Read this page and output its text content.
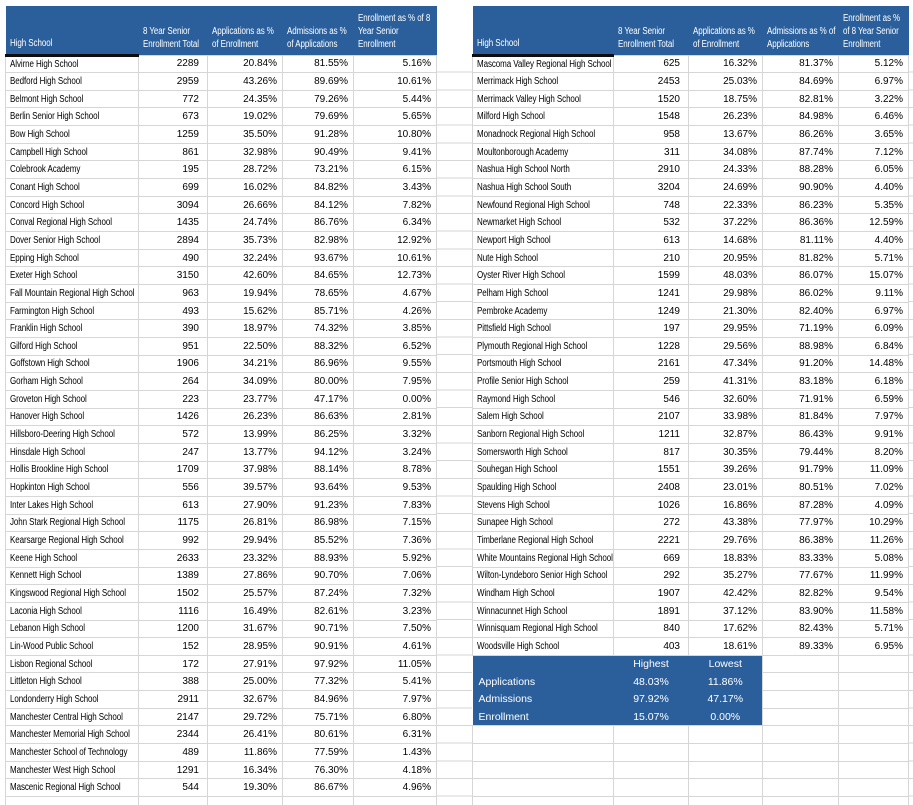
High School	8 Year Senior Enrollment Total	Applications as % of Enrollment	Admissions as % of Applications	Enrollment as % of 8 Year Senior Enrollment
Alvirne High School	2289	20.84%	81.55%	5.16%
Bedford High School	2959	43.26%	89.69%	10.61%
Belmont High School	772	24.35%	79.26%	5.44%
Berlin Senior High School	673	19.02%	79.69%	5.65%
Bow High School	1259	35.50%	91.28%	10.80%
Campbell High School	861	32.98%	90.49%	9.41%
Colebrook Academy	195	28.72%	73.21%	6.15%
Conant High School	699	16.02%	84.82%	3.43%
Concord High School	3094	26.66%	84.12%	7.82%
Conval Regional High School	1435	24.74%	86.76%	6.34%
Dover Senior High School	2894	35.73%	82.98%	12.92%
Epping High School	490	32.24%	93.67%	10.61%
Exeter High School	3150	42.60%	84.65%	12.73%
Fall Mountain Regional High School	963	19.94%	78.65%	4.67%
Farmington High School	493	15.62%	85.71%	4.26%
Franklin High School	390	18.97%	74.32%	3.85%
Gilford High School	951	22.50%	88.32%	6.52%
Goffstown High School	1906	34.21%	86.96%	9.55%
Gorham High School	264	34.09%	80.00%	7.95%
Groveton High School	223	23.77%	47.17%	0.00%
Hanover High School	1426	26.23%	86.63%	2.81%
Hillsboro-Deering High School	572	13.99%	86.25%	3.32%
Hinsdale High School	247	13.77%	94.12%	3.24%
Hollis Brookline High School	1709	37.98%	88.14%	8.78%
Hopkinton High School	556	39.57%	93.64%	9.53%
Inter Lakes High School	613	27.90%	91.23%	7.83%
John Stark Regional High School	1175	26.81%	86.98%	7.15%
Kearsarge Regional High School	992	29.94%	85.52%	7.36%
Keene High School	2633	23.32%	88.93%	5.92%
Kennett High School	1389	27.86%	90.70%	7.06%
Kingswood Regional High School	1502	25.57%	87.24%	7.32%
Laconia High School	1116	16.49%	82.61%	3.23%
Lebanon High School	1200	31.67%	90.71%	7.50%
Lin-Wood Public School	152	28.95%	90.91%	4.61%
Lisbon Regional School	172	27.91%	97.92%	11.05%
Littleton High School	388	25.00%	77.32%	5.41%
Londonderry High School	2911	32.67%	84.96%	7.97%
Manchester Central High School	2147	29.72%	75.71%	6.80%
Manchester Memorial High School	2344	26.41%	80.61%	6.31%
Manchester School of Technology	489	11.86%	77.59%	1.43%
Manchester West High School	1291	16.34%	76.30%	4.18%
Mascenic Regional High School	544	19.30%	86.67%	4.96%

High School	8 Year Senior Enrollment Total	Applications as % of Enrollment	Admissions as % of Applications	Enrollment as % of 8 Year Senior Enrollment
Mascoma Valley Regional High School	625	16.32%	81.37%	5.12%
Merrimack High School	2453	25.03%	84.69%	6.97%
Merrimack Valley High School	1520	18.75%	82.81%	3.22%
Milford High School	1548	26.23%	84.98%	6.46%
Monadnock Regional High School	958	13.67%	86.26%	3.65%
Moultonborough Academy	311	34.08%	87.74%	7.12%
Nashua High School North	2910	24.33%	88.28%	6.05%
Nashua High School South	3204	24.69%	90.90%	4.40%
Newfound Regional High School	748	22.33%	86.23%	5.35%
Newmarket High School	532	37.22%	86.36%	12.59%
Newport High School	613	14.68%	81.11%	4.40%
Nute High School	210	20.95%	81.82%	5.71%
Oyster River High School	1599	48.03%	86.07%	15.07%
Pelham High School	1241	29.98%	86.02%	9.11%
Pembroke Academy	1249	21.30%	82.40%	6.97%
Pittsfield High School	197	29.95%	71.19%	6.09%
Plymouth Regional High School	1228	29.56%	88.98%	6.84%
Portsmouth High School	2161	47.34%	91.20%	14.48%
Profile Senior High School	259	41.31%	83.18%	6.18%
Raymond High School	546	32.60%	71.91%	6.59%
Salem High School	2107	33.98%	81.84%	7.97%
Sanborn Regional High School	1211	32.87%	86.43%	9.91%
Somersworth High School	817	30.35%	79.44%	8.20%
Souhegan High School	1551	39.26%	91.79%	11.09%
Spaulding High School	2408	23.01%	80.51%	7.02%
Stevens High School	1026	16.86%	87.28%	4.09%
Sunapee High School	272	43.38%	77.97%	10.29%
Timberlane Regional High School	2221	29.76%	86.38%	11.26%
White Mountains Regional High School	669	18.83%	83.33%	5.08%
Wilton-Lyndeboro Senior High School	292	35.27%	77.67%	11.99%
Windham High School	1907	42.42%	82.82%	9.54%
Winnacunnet High School	1891	37.12%	83.90%	11.58%
Winnisquam Regional High School	840	17.62%	82.43%	5.71%
Woodsville High School	403	18.61%	89.33%	6.95%
	Highest	Lowest		
Applications	48.03%	11.86%		
Admissions	97.92%	47.17%		
Enrollment	15.07%	0.00%		
